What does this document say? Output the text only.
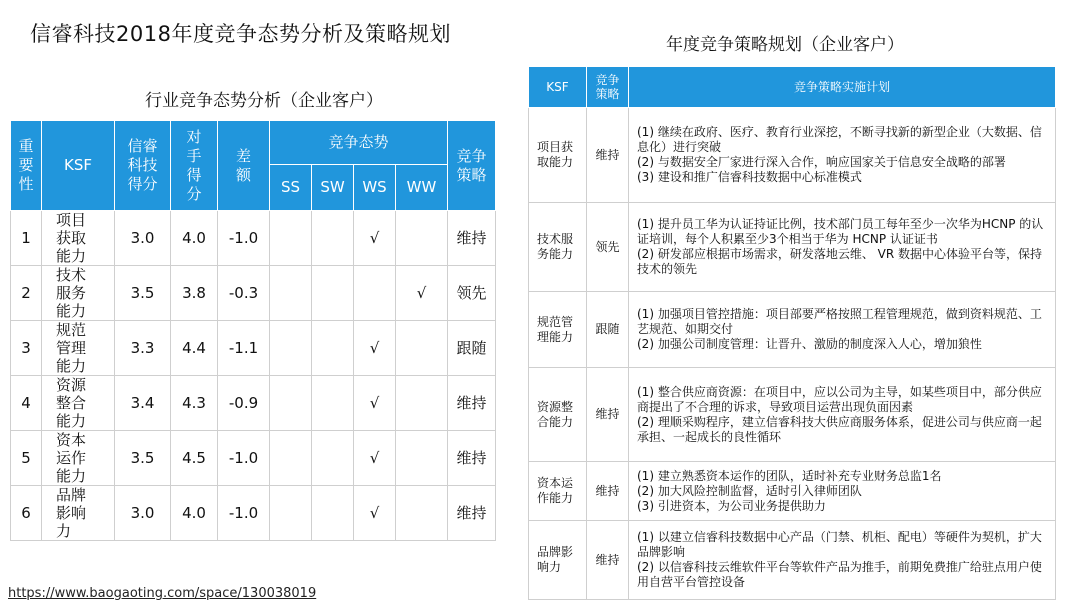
信睿科技2018年度竞争态势分析及策略规划	年度竞争策略规划（企业客户）
行业竞争态势分析（企业客户）
重要性	KSF	信睿科技得分	对手得分	差额	竞争态势				竞争策略

					SS	SW	WS	WW	
1	项目获取能力	3.0	4.0	-1.0			√		维持
2	技术服务能力	3.5	3.8	-0.3				√	领先
3	规范管理能力	3.3	4.4	-1.1			√		跟随
4	资源整合能力	3.4	4.3	-0.9			√		维持
5	资本运作能力	3.5	4.5	-1.0			√		维持
6	品牌影响力	3.0	4.0	-1.0			√		维持
KSF	竞争策略	竞争策略实施计划

项目获取能力	维持	(1) 继续在政府、医疗、教育行业深挖，不断寻找新的新型企业（大数据、信息化）进行突破
(2) 与数据安全厂家进行深入合作，响应国家关于信息安全战略的部署
(3) 建设和推广信睿科技数据中心标准模式

技术服务能力	领先	(1) 提升员工华为认证持证比例，技术部门员工每年至少一次华为HCNP 的认证培训，每个人积累至少3个相当于华为 HCNP 认证证书
(2) 研发部应根据市场需求，研发落地云维、 VR 数据中心体验平台等，保持技术的领先

规范管理能力	跟随	(1) 加强项目管控措施：项目部要严格按照工程管理规范，做到资料规范、工艺规范、如期交付
(2) 加强公司制度管理：让晋升、激励的制度深入人心，增加狼性

资源整合能力	维持	(1) 整合供应商资源：在项目中，应以公司为主导，如某些项目中，部分供应商提出了不合理的诉求，导致项目运营出现负面因素
(2) 理顺采购程序，建立信睿科技大供应商服务体系，促进公司与供应商一起承担、一起成长的良性循环

资本运作能力	维持	(1) 建立熟悉资本运作的团队，适时补充专业财务总监1名
(2) 加大风险控制监督，适时引入律师团队
(3) 引进资本，为公司业务提供助力

品牌影响力	维持	(1) 以建立信睿科技数据中心产品（门禁、机柜、配电）等硬件为契机，扩大品牌影响
(2) 以信睿科技云维软件平台等软件产品为推手，前期免费推广给驻点用户使用自营平台管控设备
https://www.baogaoting.com/space/130038019
